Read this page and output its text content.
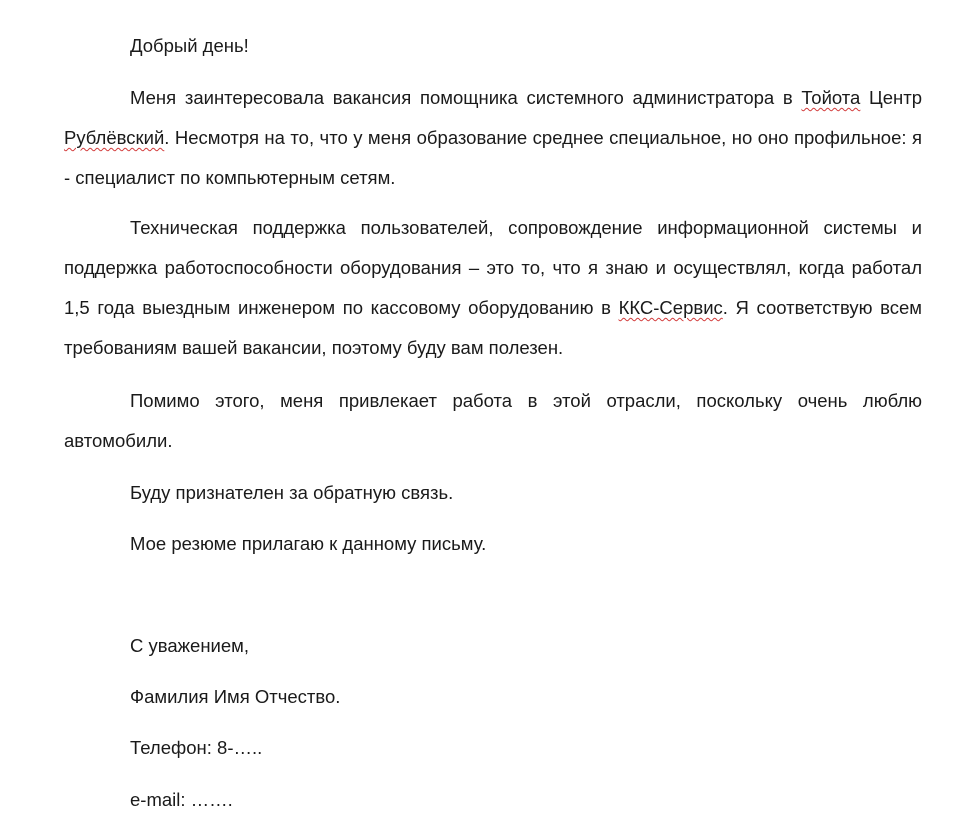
Добрый день!

Меня заинтересовала вакансия помощника системного администратора в Тойота Центр Рублёвский. Несмотря на то, что у меня образование среднее специальное, но оно профильное: я - специалист по компьютерным сетям.

Техническая поддержка пользователей, сопровождение информационной системы и поддержка работоспособности оборудования – это то, что я знаю и осуществлял, когда работал 1,5 года выездным инженером по кассовому оборудованию в ККС-Сервис. Я соответствую всем требованиям вашей вакансии, поэтому буду вам полезен.

Помимо этого, меня привлекает работа в этой отрасли, поскольку очень люблю автомобили.

Буду признателен за обратную связь.

Мое резюме прилагаю к данному письму.

С уважением,

Фамилия Имя Отчество.

Телефон: 8-…..

e-mail: …….
